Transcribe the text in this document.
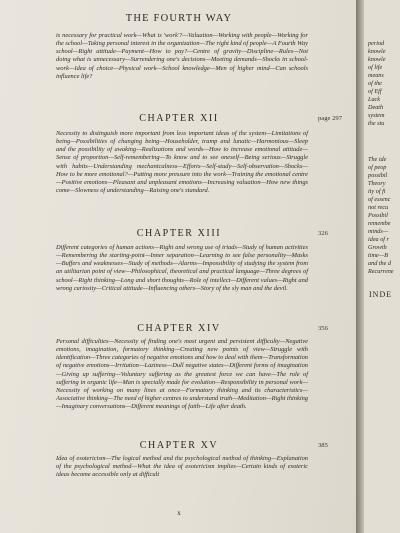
THE FOURTH WAY
is necessary for practical work—What is 'work'?—Valuation—Working with people—Working for the school—Taking personal interest in the organization—The right kind of people—A Fourth Way school—Right attitude—Payment—How to pay?—Centre of gravity—Discipline—Rules—Not doing what is unnecessary—Surrendering one's decisions—Meeting demands—Shocks in school-work—Idea of choice—Physical work—School knowledge—Men of higher mind—Can schools influence life?
CHAPTER XII	page 297
Necessity to distinguish more important from less important ideas of the system—Limitations of being—Possibilities of changing being—Householder, tramp and lunatic—Harmonious—Sleep and the possibility of awaking—Realizations and words—How to increase emotional attitude—Sense of proportion—Self-remembering—To know and to see oneself—Being serious—Struggle with habits—Understanding mechanicalness—Efforts—Self-study—Self-observation—Shocks—How to be more emotional?—Putting more pressure into the work—Training the emotional centre—Positive emotions—Pleasant and unpleasant emotions—Increasing valuation—How new things come—Slowness of understanding—Raising one's standard.
CHAPTER XIII	326
Different categories of human actions—Right and wrong use of triads—Study of human activities—Remembering the starting-point—Inner separation—Learning to see false personality—Masks—Buffers and weaknesses—Study of methods—Alarms—Impossibility of studying the system from an utilitarian point of view—Philosophical, theoretical and practical language—Three degrees of school—Right thinking—Long and short thoughts—Role of intellect—Different values—Right and wrong curiosity—Critical attitude—Influencing others—Story of the sly man and the devil.
CHAPTER XIV	356
Personal difficulties—Necessity of finding one's most urgent and persistent difficulty—Negative emotions, imagination, formatory thinking—Creating new points of view—Struggle with identification—Three categories of negative emotions and how to deal with them—Transformation of negative emotions—Irritation—Laziness—Dull negative states—Different forms of imagination—Giving up suffering—Voluntary suffering as the greatest force we can have—The role of suffering in organic life—Man is specially made for evolution—Responsibility in personal work—Necessity of working on many lines at once—Formatory thinking and its characteristics—Associative thinking—The need of higher centres to understand truth—Meditation—Right thinking—Imaginary conversations—Different meanings of faith—Life after death.
CHAPTER XV	385
Idea of esotericism—The logical method and the psychological method of thinking—Explanation of the psychological method—What the idea of esotericism implies—Certain kinds of esoteric ideas become accessible only at difficult
x
period
knowle
knowle
of life
means
of the
of Eff
Lack
Death
system
the stu
The ide
of peop
possibil
Theory
ity of fi
of essenc
not recu
Possibil
remembe
minds—
idea of r
Growth
time—B
and the d
Recurrene
INDE
